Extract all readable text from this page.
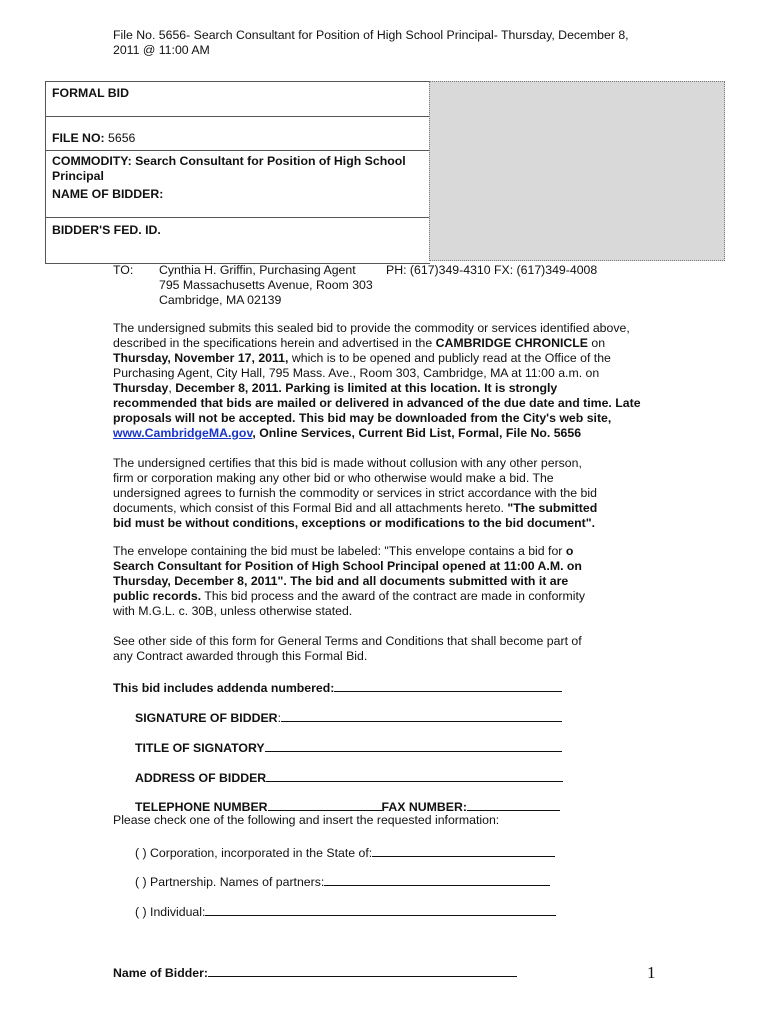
File No. 5656- Search Consultant for Position of High School Principal- Thursday, December 8,
2011 @ 11:00 AM
FORMAL BID
FILE NO: 5656
COMMODITY: Search Consultant for Position of High School
Principal
NAME OF BIDDER:
BIDDER'S FED. ID.
TO: Cynthia H. Griffin, Purchasing Agent
795 Massachusetts Avenue, Room 303
Cambridge, MA 02139
PH: (617)349-4310 FX: (617)349-4008
The undersigned submits this sealed bid to provide the commodity or services identified above,
described in the specifications herein and advertised in the CAMBRIDGE CHRONICLE on
Thursday, November 17, 2011, which is to be opened and publicly read at the Office of the
Purchasing Agent, City Hall, 795 Mass. Ave., Room 303, Cambridge, MA at 11:00 a.m. on
Thursday, December 8, 2011. Parking is limited at this location. It is strongly
recommended that bids are mailed or delivered in advanced of the due date and time. Late
proposals will not be accepted. This bid may be downloaded from the City's web site,
www.CambridgeMA.gov, Online Services, Current Bid List, Formal, File No. 5656
The undersigned certifies that this bid is made without collusion with any other person,
firm or corporation making any other bid or who otherwise would make a bid. The
undersigned agrees to furnish the commodity or services in strict accordance with the bid
documents, which consist of this Formal Bid and all attachments hereto. "The submitted
bid must be without conditions, exceptions or modifications to the bid document".
The envelope containing the bid must be labeled: "This envelope contains a bid for o
Search Consultant for Position of High School Principal opened at 11:00 A.M. on
Thursday, December 8, 2011". The bid and all documents submitted with it are
public records. This bid process and the award of the contract are made in conformity
with M.G.L. c. 30B, unless otherwise stated.
See other side of this form for General Terms and Conditions that shall become part of
any Contract awarded through this Formal Bid.
This bid includes addenda numbered:
SIGNATURE OF BIDDER:
TITLE OF SIGNATORY
ADDRESS OF BIDDER
TELEPHONE NUMBER	FAX NUMBER:
Please check one of the following and insert the requested information:
( ) Corporation, incorporated in the State of:
( ) Partnership. Names of partners:
( ) Individual:
Name of Bidder:	1
